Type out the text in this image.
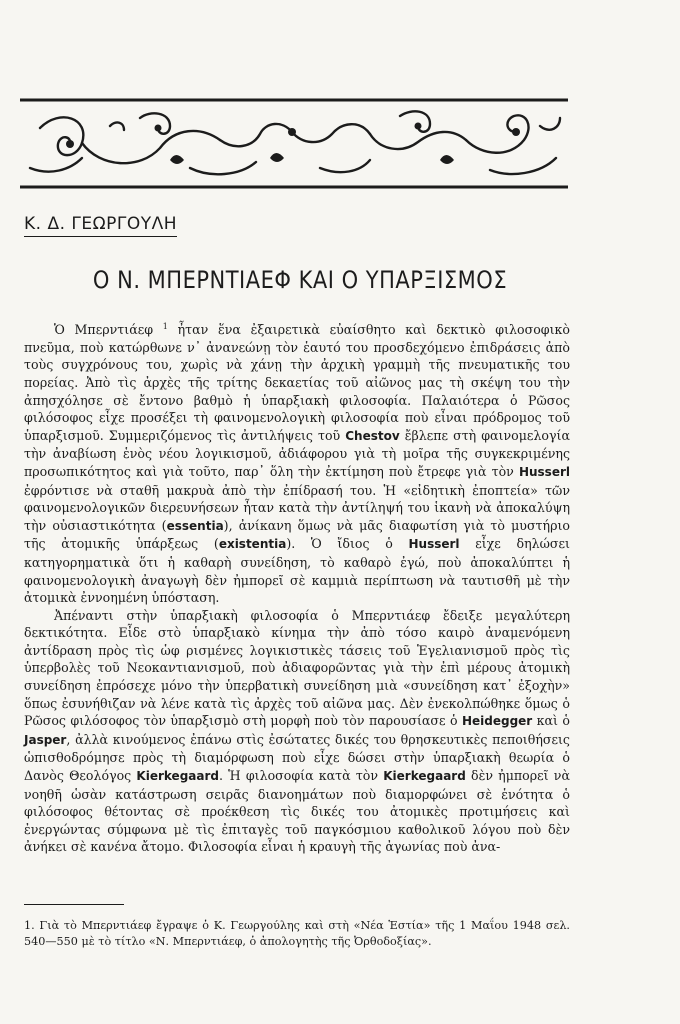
Κ. Δ. ΓΕΩΡΓΟΥΛΗ
Ο Ν. ΜΠΕΡΝΤΙΑΕΦ ΚΑΙ Ο ΥΠΑΡΞΙΣΜΟΣ

Ὁ Μπερντιάεφ $^1$ ἦταν ἕνα ἐξαιρετικὰ εὐαίσθητο καὶ δεκτικὸ φιλοσοφικὸ πνεῦμα, ποὺ κατώρθωνε ν᾽ ἀνανεώνῃ τὸν ἑαυτό του προσδεχόμενο ἐπιδράσεις ἀπὸ τοὺς συγχρόνους του, χωρὶς νὰ χάνῃ τὴν ἀρχικὴ γραμμὴ τῆς πνευματικῆς του πορείας. Ἀπὸ τὶς ἀρχὲς τῆς τρίτης δεκαετίας τοῦ αἰῶνος μας τὴ σκέψη του τὴν ἀπησχόλησε σὲ ἔντονο βαθμὸ ἡ ὑπαρξιακὴ φιλοσοφία. Παλαιότερα ὁ Ρῶσος φιλόσοφος εἶχε προσέξει τὴ φαινομενολογικὴ φιλοσοφία ποὺ εἶναι πρόδρομος τοῦ ὑπαρξισμοῦ. Συμμεριζόμενος τὶς ἀντιλήψεις τοῦ Chestov ἔβλεπε στὴ φαινομελογία τὴν ἀναβίωση ἑνὸς νέου λογικισμοῦ, ἀδιάφορου γιὰ τὴ μοῖρα τῆς συγκεκριμένης προσωπικότητος καὶ γιὰ τοῦτο, παρ᾽ ὅλη τὴν ἐκτίμηση ποὺ ἔτρεφε γιὰ τὸν Husserl ἐφρόντισε νὰ σταθῆ μακρυὰ ἀπὸ τὴν ἐπίδρασή του. Ἡ «εἰδητικὴ ἐποπτεία» τῶν φαινομενολογικῶν διερευνήσεων ἦταν κατὰ τὴν ἀντίληψή του ἱκανὴ νὰ ἀποκαλύψη τὴν οὐσιαστικότητα (essentia), ἀνίκανη ὅμως νὰ μᾶς διαφωτίση γιὰ τὸ μυστήριο τῆς ἀτομικῆς ὑπάρξεως (existentia). Ὁ ἴδιος ὁ Husserl εἶχε δηλώσει κατηγορηματικὰ ὅτι ἡ καθαρὴ συνείδηση, τὸ καθαρὸ ἐγώ, ποὺ ἀποκαλύπτει ἡ φαινομενολογικὴ ἀναγωγὴ δὲν ἠμπορεῖ σὲ καμμιὰ περίπτωση νὰ ταυτισθῆ μὲ τὴν ἀτομικὰ ἐννοημένη ὑπόσταση.

Ἀπέναντι στὴν ὑπαρξιακὴ φιλοσοφία ὁ Μπερντιάεφ ἔδειξε μεγαλύτερη δεκτικότητα. Εἶδε στὸ ὑπαρξιακὸ κίνημα τὴν ἀπὸ τόσο καιρὸ ἀναμενόμενη ἀντίδραση πρὸς τὶς ὡφ ρισμένες λογικιστικὲς τάσεις τοῦ Ἑγελιανισμοῦ πρὸς τὶς ὑπερβολὲς τοῦ Νεοκαντιανισμοῦ, ποὺ ἀδιαφορῶντας γιὰ τὴν ἐπὶ μέρους ἀτομικὴ συνείδηση ἐπρόσεχε μόνο τὴν ὑπερβατικὴ συνείδηση μιὰ «συνείδηση κατ᾽ ἐξοχὴν» ὅπως ἐσυνήθιζαν νὰ λένε κατὰ τὶς ἀρχὲς τοῦ αἰῶνα μας. Δὲν ἐνεκολπώθηκε ὅμως ὁ Ρῶσος φιλόσοφος τὸν ὑπαρξισμὸ στὴ μορφὴ ποὺ τὸν παρουσίασε ὁ Heidegger καὶ ὁ Jasper, ἀλλὰ κινούμενος ἐπάνω στὶς ἐσώτατες δικές του θρησκευτικὲς πεποιθήσεις ὡπισθοδρόμησε πρὸς τὴ διαμόρφωση ποὺ εἶχε δώσει στὴν ὑπαρξιακὴ θεωρία ὁ Δανὸς Θεολόγος Kierkegaard. Ἡ φιλοσοφία κατὰ τὸν Kierkegaard δὲν ἠμπορεῖ νὰ νοηθῆ ὡσὰν κατάστρωση σειρᾶς διανοημάτων ποὺ διαμορφώνει σὲ ἑνότητα ὁ φιλόσοφος θέτοντας σὲ προέκθεση τὶς δικές του ἀτομικὲς προτιμήσεις καὶ ἐνεργώντας σύμφωνα μὲ τὶς ἐπιταγὲς τοῦ παγκόσμιου καθολικοῦ λόγου ποὺ δὲν ἀνήκει σὲ κανένα ἄτομο. Φιλοσοφία εἶναι ἡ κραυγὴ τῆς ἀγωνίας ποὺ ἀνα-

1. Γιὰ τὸ Μπερντιάεφ ἔγραψε ὁ Κ. Γεωργούλης καὶ στὴ «Νέα Ἑστία» τῆς 1 Μαΐου 1948 σελ. 540—550 μὲ τὸ τίτλο «Ν. Μπερντιάεφ, ὁ ἀπολογητὴς τῆς Ὀρθοδοξίας».
